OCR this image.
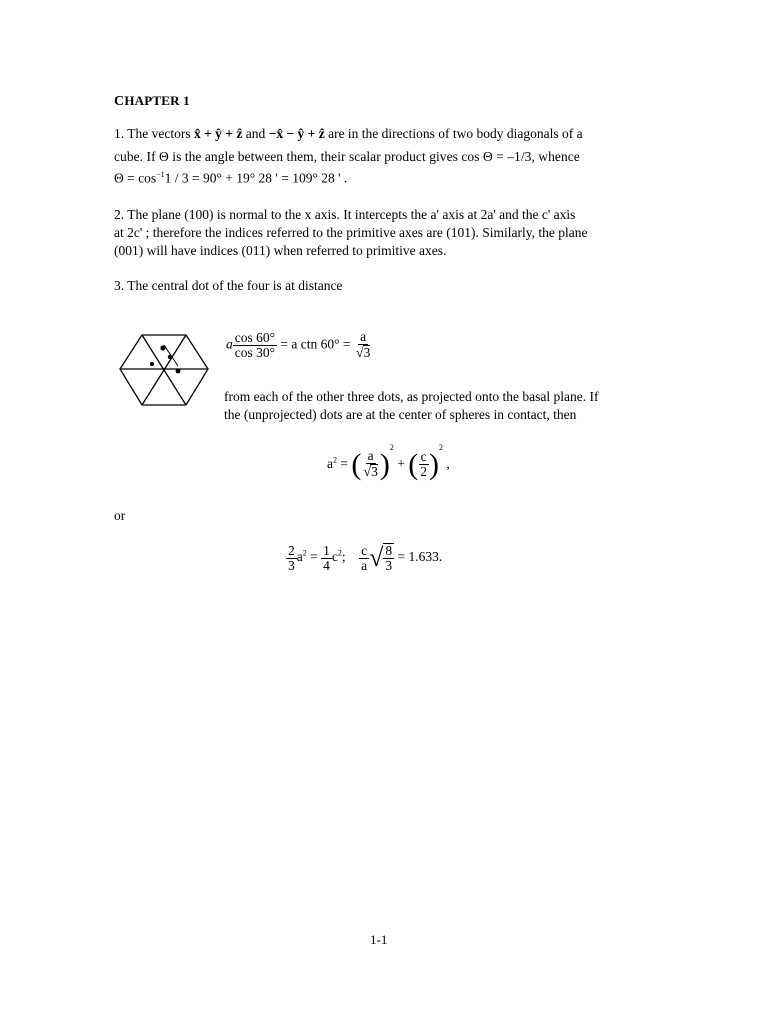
CHAPTER 1
1. The vectors x̂ + ŷ + ẑ and −x̂ − ŷ + ẑ are in the directions of two body diagonals of a
cube. If Θ is the angle between them, their scalar product gives cos Θ = –1/3, whence
$\Theta = \cos^{-1}1 / 3 = 90^\circ + 19^\circ$ 28 ' = 109° 28 ' .
2. The plane (100) is normal to the x axis. It intercepts the a' axis at 2a' and the c' axis
at 2c' ; therefore the indices referred to the primitive axes are (101). Similarly, the plane
(001) will have indices (011) when referred to primitive axes.
3. The central dot of the four is at distance
a $\frac{\cos 60^\circ}{\cos 30^\circ} = a$ ctn $60^\circ = \frac{a}{√3}$
from each of the other three dots, as projected onto the basal plane. If
the (unprojected) dots are at the center of spheres in contact, then
$a^2$ = ( $\frac{a}{√3} )^2$ + ( $\frac{c}{2} )^2$ ,
or
$\frac{2}{3} a^2 = \frac{1}{4} c^2$; $\frac{c}{a}$ √ $\frac{8}{3} = 1.633$.
1-1
